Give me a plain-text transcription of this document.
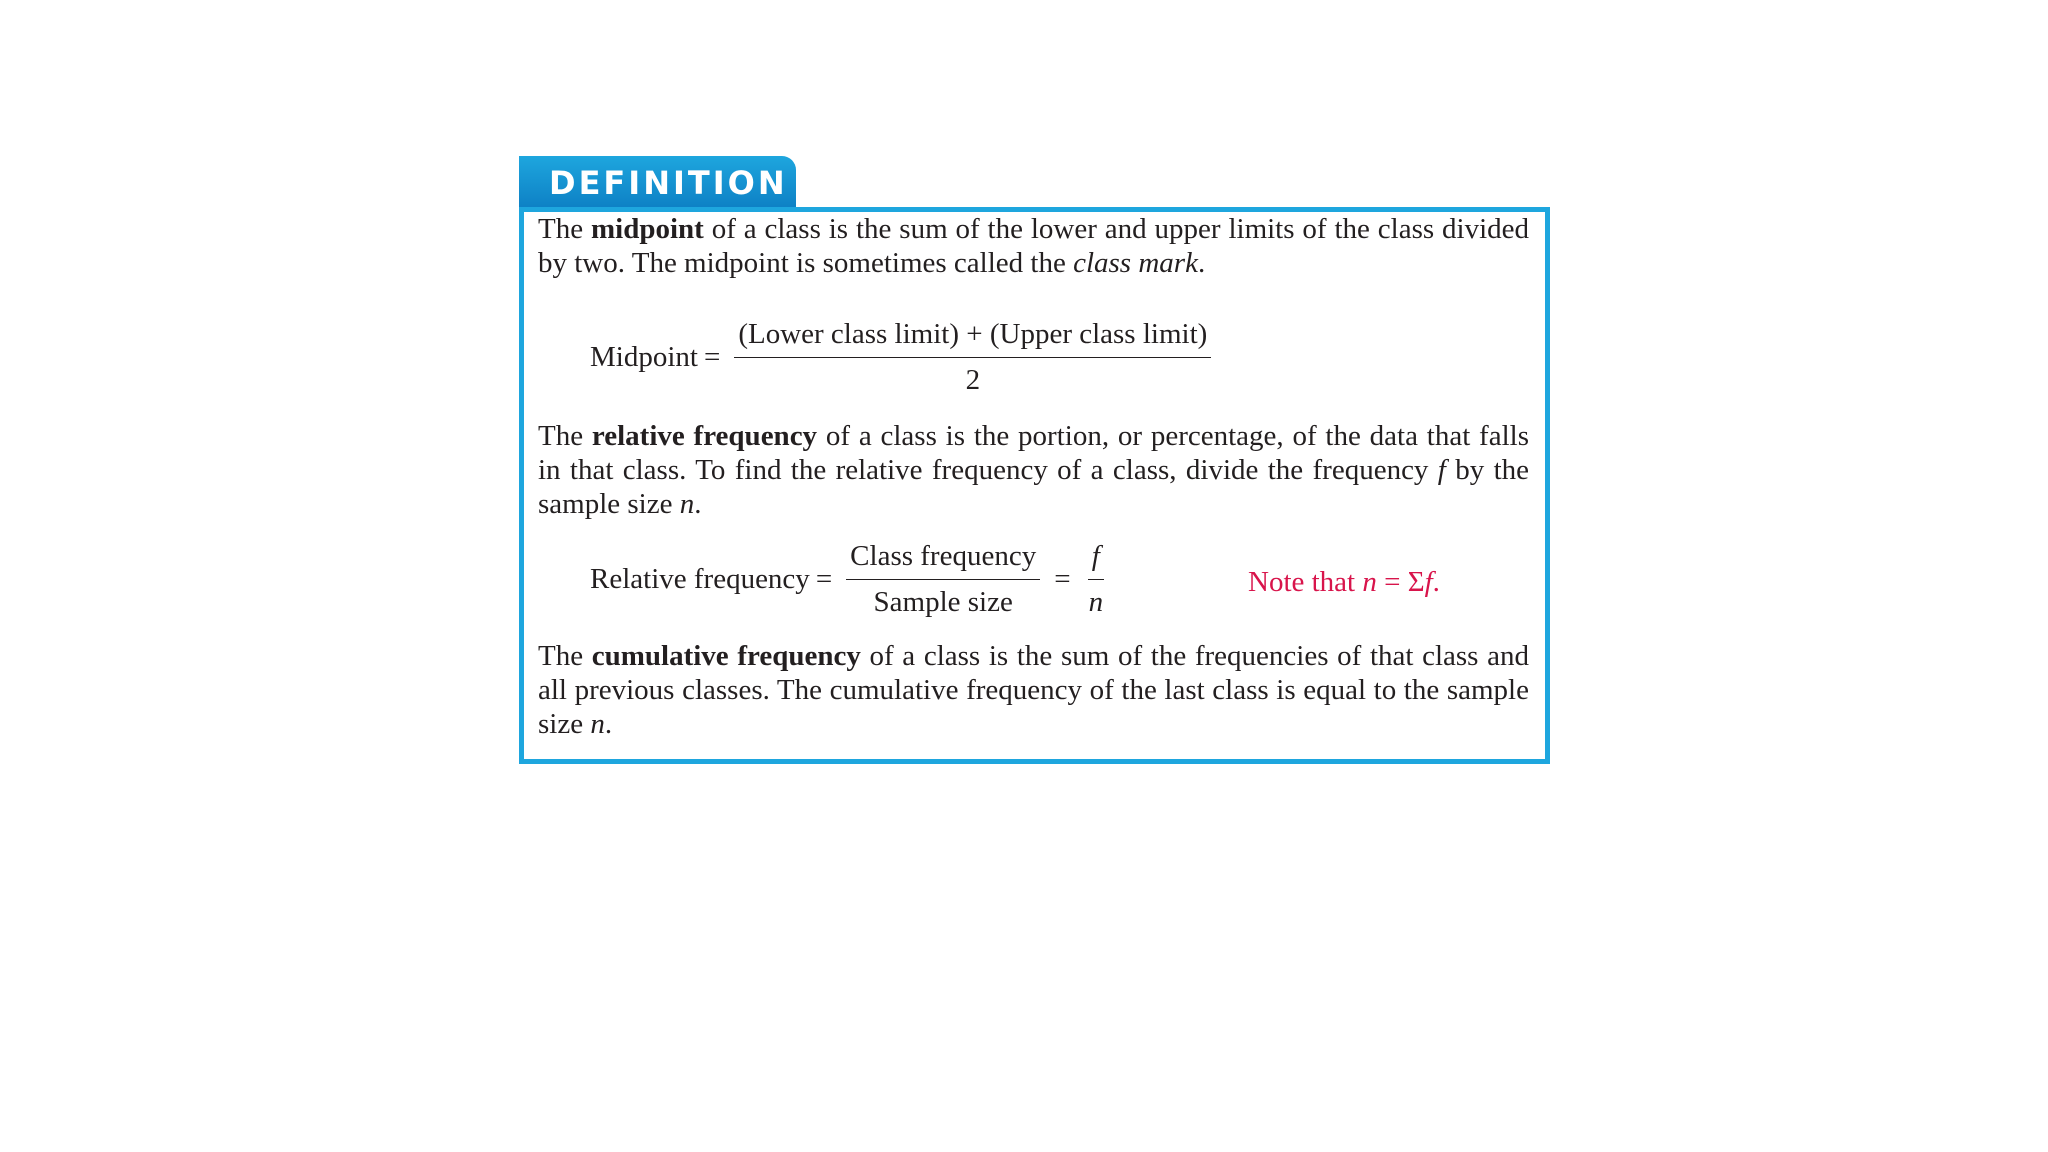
DEFINITION

The midpoint of a class is the sum of the lower and upper limits of the class divided by two. The midpoint is sometimes called the class mark.

Midpoint = $\frac{\text{(Lower class limit) + (Upper class limit)}}{2}$

The relative frequency of a class is the portion, or percentage, of the data that falls in that class. To find the relative frequency of a class, divide the frequency f by the sample size n.

Relative frequency = $\frac{\text{Class frequency}}{\text{Sample size}} = \frac{f}{n}$	Note that n = Σf.

The cumulative frequency of a class is the sum of the frequencies of that class and all previous classes. The cumulative frequency of the last class is equal to the sample size n.
